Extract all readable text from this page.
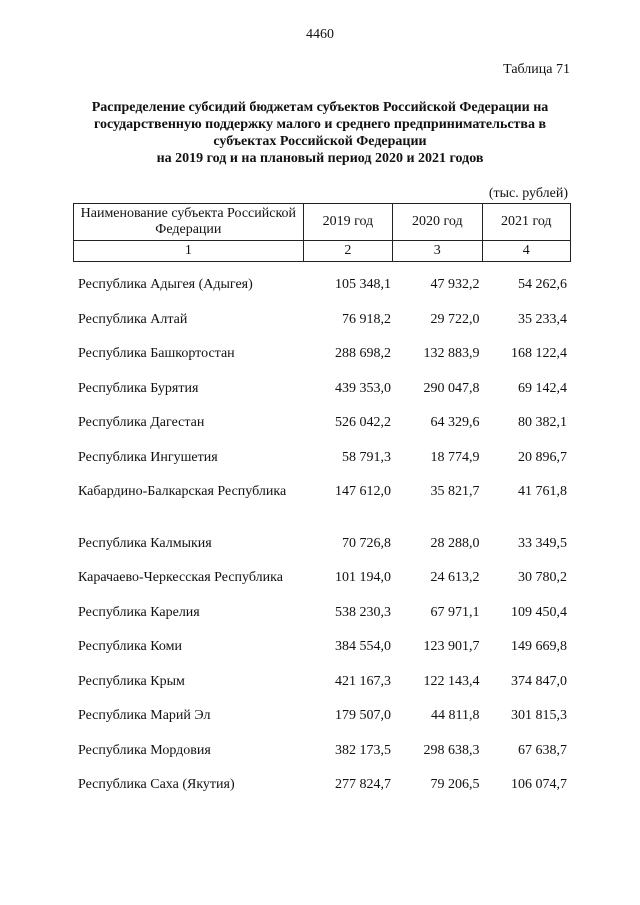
4460
Таблица 71
Распределение субсидий бюджетам субъектов Российской Федерации на
государственную поддержку малого и среднего предпринимательства в
субъектах Российской Федерации
на 2019 год и на плановый период 2020 и 2021 годов
(тыс. рублей)
Наименование субъекта Российской Федерации	2019 год	2020 год	2021 год
1	2	3	4
Республика Адыгея (Адыгея)	105 348,1	47 932,2	54 262,6
Республика Алтай	76 918,2	29 722,0	35 233,4
Республика Башкортостан	288 698,2	132 883,9	168 122,4
Республика Бурятия	439 353,0	290 047,8	69 142,4
Республика Дагестан	526 042,2	64 329,6	80 382,1
Республика Ингушетия	58 791,3	18 774,9	20 896,7
Кабардино-Балкарская Республика	147 612,0	35 821,7	41 761,8
Республика Калмыкия	70 726,8	28 288,0	33 349,5
Карачаево-Черкесская Республика	101 194,0	24 613,2	30 780,2
Республика Карелия	538 230,3	67 971,1	109 450,4
Республика Коми	384 554,0	123 901,7	149 669,8
Республика Крым	421 167,3	122 143,4	374 847,0
Республика Марий Эл	179 507,0	44 811,8	301 815,3
Республика Мордовия	382 173,5	298 638,3	67 638,7
Республика Саха (Якутия)	277 824,7	79 206,5	106 074,7
